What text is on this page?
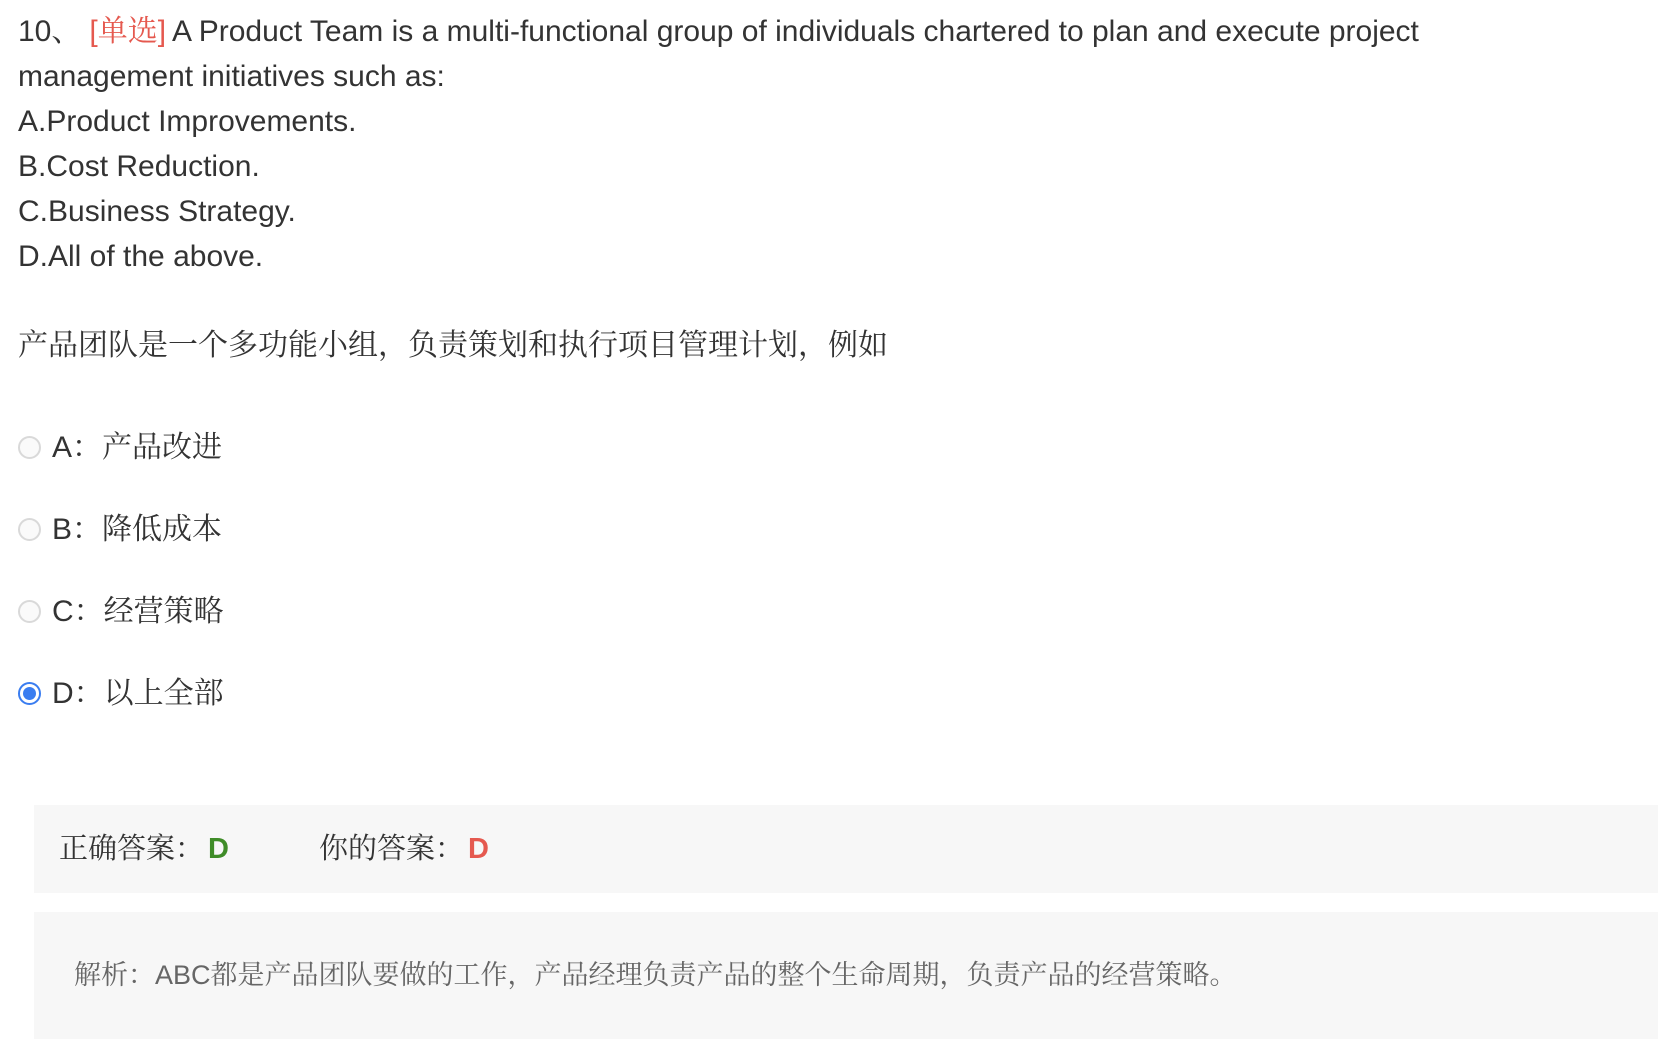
10、 [单选] A Product Team is a multi-functional group of individuals chartered to plan and execute project management initiatives such as:
A.Product Improvements.
B.Cost Reduction.
C.Business Strategy.
D.All of the above.
产品团队是一个多功能小组，负责策划和执行项目管理计划，例如
A：产品改进
B：降低成本
C：经营策略
D：以上全部
正确答案： D	你的答案： D
解析：ABC都是产品团队要做的工作，产品经理负责产品的整个生命周期，负责产品的经营策略。
